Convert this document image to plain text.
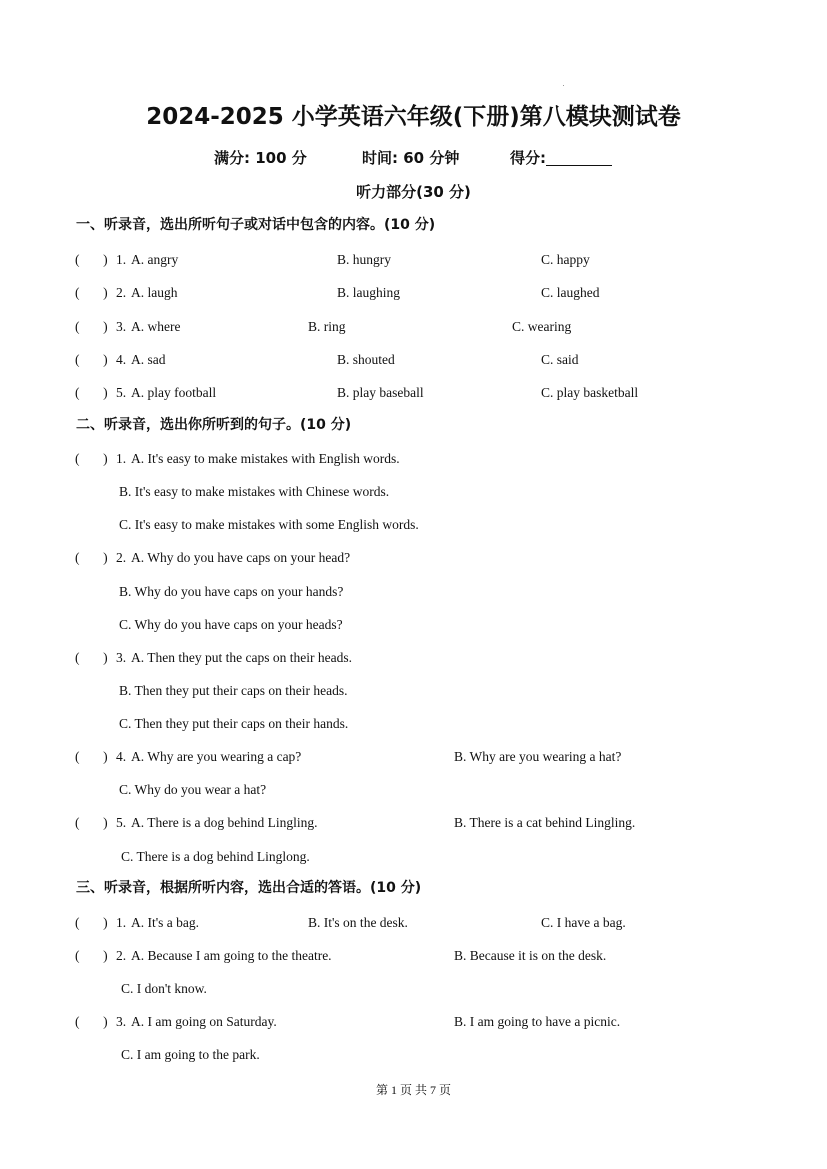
2024-2025 小学英语六年级(下册)第八模块测试卷
满分: 100 分	时间: 60 分钟	得分:
听力部分(30 分)
一、听录音，选出所听句子或对话中包含的内容。(10 分)
(       ) 1. A. angry	B. hungry	C. happy
(       ) 2. A. laugh	B. laughing	C. laughed
(       ) 3. A. where	B. ring	C. wearing
(       ) 4. A. sad	B. shouted	C. said
(       ) 5. A. play football	B. play baseball	C. play basketball
二、听录音，选出你所听到的句子。(10 分)
(       ) 1. A. It's easy to make mistakes with English words.
B. It's easy to make mistakes with Chinese words.
C. It's easy to make mistakes with some English words.
(       ) 2. A. Why do you have caps on your head?
B. Why do you have caps on your hands?
C. Why do you have caps on your heads?
(       ) 3. A. Then they put the caps on their heads.
B. Then they put their caps on their heads.
C. Then they put their caps on their hands.
(       ) 4. A. Why are you wearing a cap?	B. Why are you wearing a hat?
C. Why do you wear a hat?
(       ) 5. A. There is a dog behind Lingling.	B. There is a cat behind Lingling.
C. There is a dog behind Linglong.
三、听录音，根据所听内容，选出合适的答语。(10 分)
(       ) 1. A. It's a bag.	B. It's on the desk.	C. I have a bag.
(       ) 2. A. Because I am going to the theatre.	B. Because it is on the desk.
C. I don't know.
(       ) 3. A. I am going on Saturday.	B. I am going to have a picnic.
C. I am going to the park.
第 1 页 共 7 页
